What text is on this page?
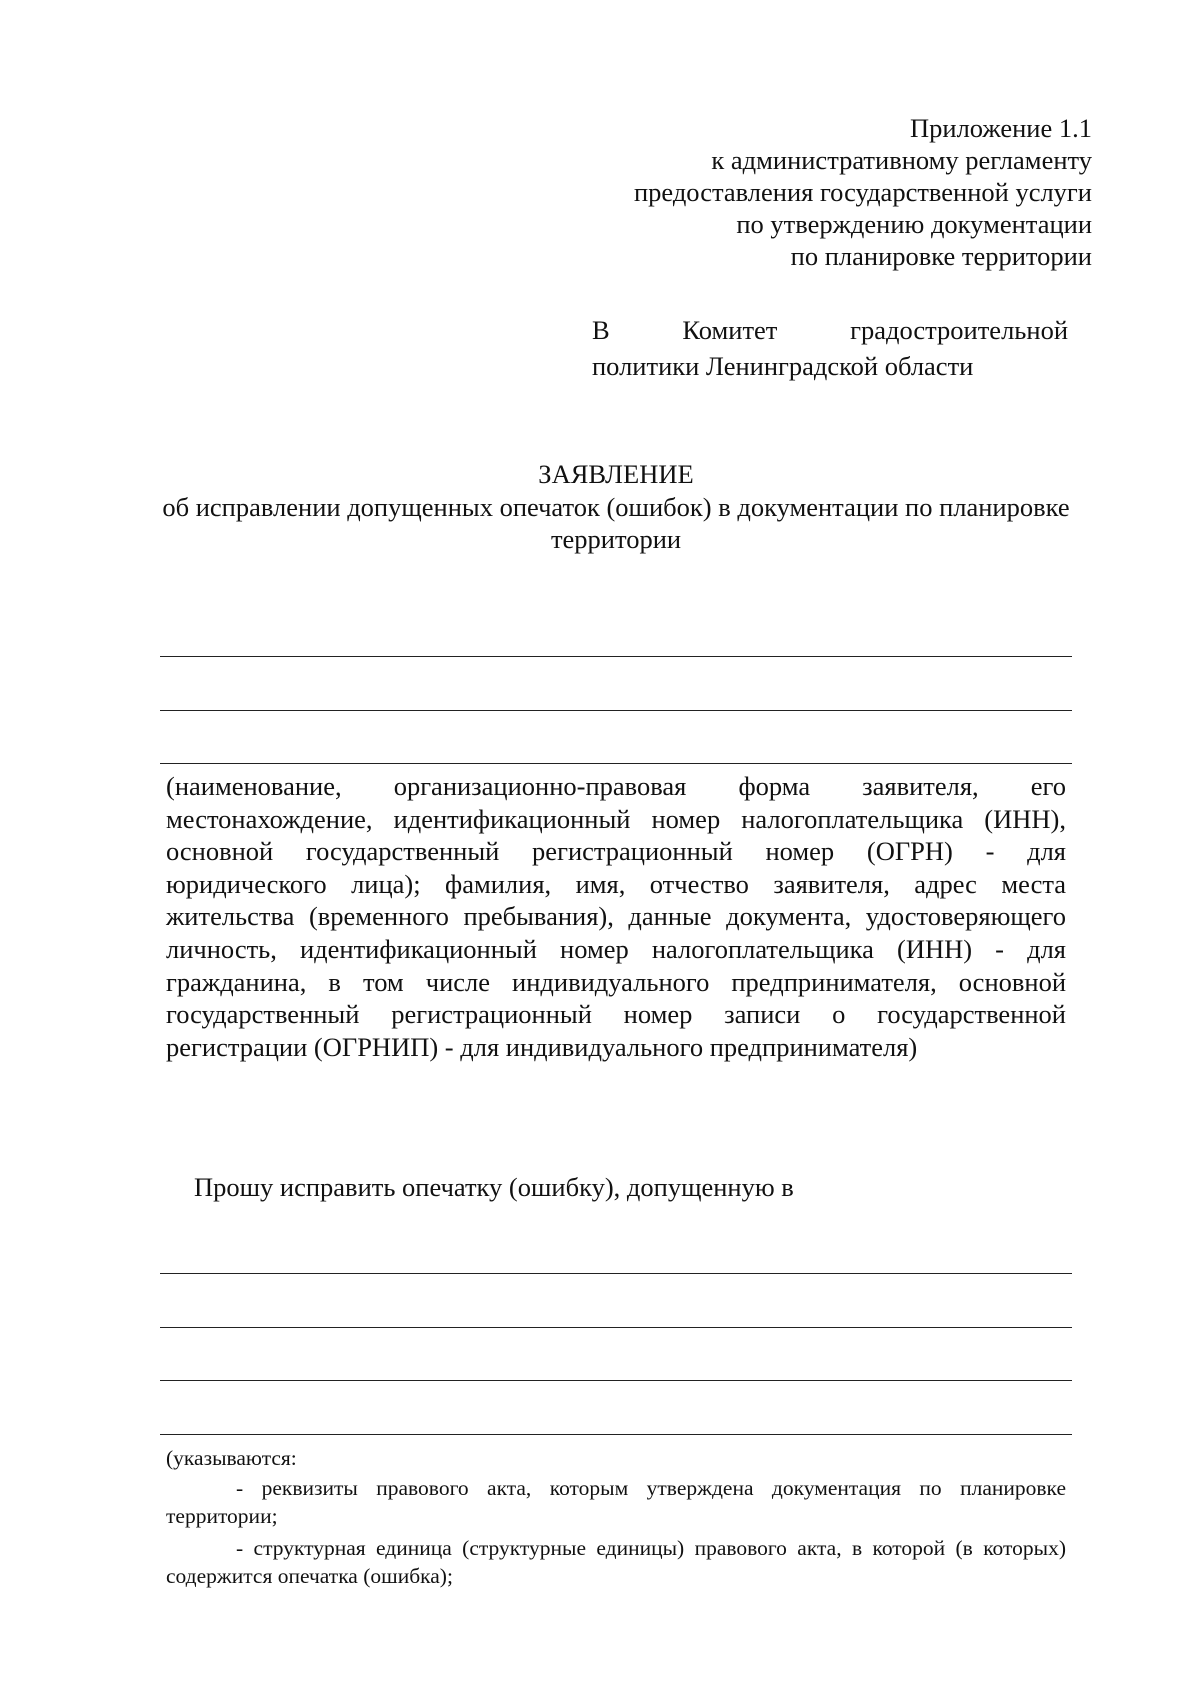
Приложение 1.1
к административному регламенту
предоставления государственной услуги
по утверждению документации
по планировке территории
В	Комитет	градостроительной
политики Ленинградской области
ЗАЯВЛЕНИЕ
об исправлении допущенных опечаток (ошибок) в документации по планировке территории
(наименование, организационно-правовая форма заявителя, его местонахождение, идентификационный номер налогоплательщика (ИНН), основной государственный регистрационный номер (ОГРН) - для юридического лица); фамилия, имя, отчество заявителя, адрес места жительства (временного пребывания), данные документа, удостоверяющего личность, идентификационный номер налогоплательщика (ИНН) - для гражданина, в том числе индивидуального предпринимателя, основной государственный регистрационный номер записи о государственной регистрации (ОГРНИП) - для индивидуального предпринимателя)
Прошу исправить опечатку (ошибку), допущенную в
(указываются:
- реквизиты правового акта, которым утверждена документация по планировке территории;
- структурная единица (структурные единицы) правового акта, в которой (в которых) содержится опечатка (ошибка);
